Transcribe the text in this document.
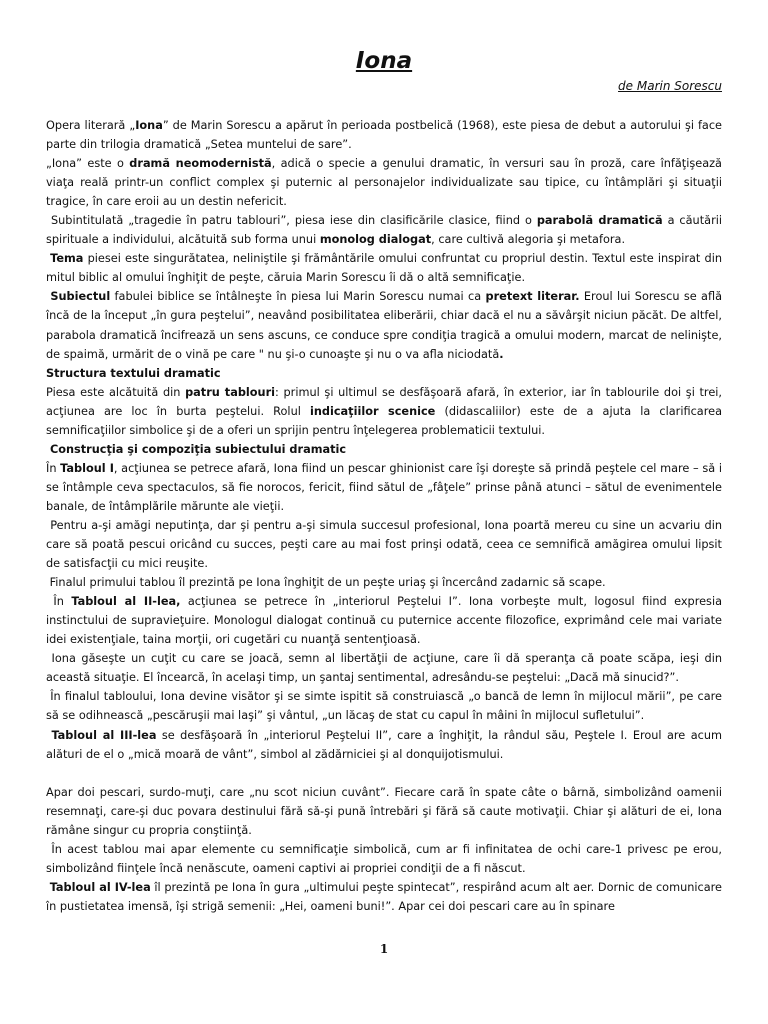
Iona

de Marin Sorescu

Opera literară „Iona” de Marin Sorescu a apărut în perioada postbelică (1968), este piesa de debut a autorului şi face parte din trilogia dramatică „Setea muntelui de sare”.

„Iona” este o dramă neomodernistă, adică o specie a genului dramatic, în versuri sau în proză, care înfăţişează viaţa reală printr-un conflict complex şi puternic al personajelor individualizate sau tipice, cu întâmplări şi situaţii tragice, în care eroii au un destin nefericit.

Subintitulată „tragedie în patru tablouri”, piesa iese din clasificările clasice, fiind o parabolă dramatică a căutării spirituale a individului, alcătuită sub forma unui monolog dialogat, care cultivă alegoria şi metafora.

Tema piesei este singurătatea, neliniştile şi frământările omului confruntat cu propriul destin. Textul este inspirat din mitul biblic al omului înghiţit de peşte, căruia Marin Sorescu îi dă o altă semnificaţie.

Subiectul fabulei biblice se întâlneşte în piesa lui Marin Sorescu numai ca pretext literar. Eroul lui Sorescu se află încă de la început „în gura peştelui”, neavând posibilitatea eliberării, chiar dacă el nu a săvârşit niciun păcăt. De altfel, parabola dramatică încifrează un sens ascuns, ce conduce spre condiţia tragică a omului modern, marcat de nelinişte, de spaimă, urmărit de o vină pe care " nu şi-o cunoaşte şi nu o va afla niciodată.

Structura textului dramatic

Piesa este alcătuită din patru tablouri: primul şi ultimul se desfăşoară afară, în exterior, iar în tablourile doi şi trei, acţiunea are loc în burta peştelui. Rolul indicaţiilor scenice (didascaliilor) este de a ajuta la clarificarea semnificaţiilor simbolice şi de a oferi un sprijin pentru înţelegerea problematicii textului.

Construcţia şi compoziţia subiectului dramatic

În Tabloul I, acţiunea se petrece afară, Iona fiind un pescar ghinionist care îşi doreşte să prindă peştele cel mare – să i se întâmple ceva spectaculos, să fie norocos, fericit, fiind sătul de „fâţele” prinse până atunci – sătul de evenimentele banale, de întâmplările mărunte ale vieţii.

Pentru a-şi amăgi neputinţa, dar şi pentru a-şi simula succesul profesional, Iona poartă mereu cu sine un acvariu din care să poată pescui oricând cu succes, peşti care au mai fost prinşi odată, ceea ce semnifică amăgirea omului lipsit de satisfacţii cu mici reuşite.

Finalul primului tablou îl prezintă pe Iona înghiţit de un peşte uriaş şi încercând zadarnic să scape.

În Tabloul al II-lea, acţiunea se petrece în „interiorul Peştelui I”. Iona vorbeşte mult, logosul fiind expresia instinctului de supravieţuire. Monologul dialogat continuă cu puternice accente filozofice, exprimând cele mai variate idei existenţiale, taina morţii, ori cugetări cu nuanţă sentenţioasă.

Iona găseşte un cuţit cu care se joacă, semn al libertăţii de acţiune, care îi dă speranţa că poate scăpa, ieşi din această situaţie. El încearcă, în acelaşi timp, un şantaj sentimental, adresându-se peştelui: „Dacă mă sinucid?”.

În finalul tabloului, Iona devine visător şi se simte ispitit să construiască „o bancă de lemn în mijlocul mării”, pe care să se odihnească „pescăruşii mai laşi” şi vântul, „un lăcaş de stat cu capul în mâini în mijlocul sufletului”.

Tabloul al III-lea se desfăşoară în „interiorul Peştelui II”, care a înghiţit, la rândul său, Peştele I. Eroul are acum alături de el o „mică moară de vânt”, simbol al zădărniciei şi al donquijotismului.

Apar doi pescari, surdo-muţi, care „nu scot niciun cuvânt”. Fiecare cară în spate câte o bârnă, simbolizând oamenii resemnaţi, care-şi duc povara destinului fără să-şi pună întrebări şi fără să caute motivaţii. Chiar şi alături de ei, Iona rămâne singur cu propria conştiinţă.

În acest tablou mai apar elemente cu semnificaţie simbolică, cum ar fi infinitatea de ochi care-1 privesc pe erou, simbolizând fiinţele încă nenăscute, oameni captivi ai propriei condiţii de a fi născut.

Tabloul al IV-lea îl prezintă pe Iona în gura „ultimului peşte spintecat”, respirând acum alt aer. Dornic de comunicare în pustietatea imensă, îşi strigă semenii: „Hei, oameni buni!”. Apar cei doi pescari care au în spinare

1
